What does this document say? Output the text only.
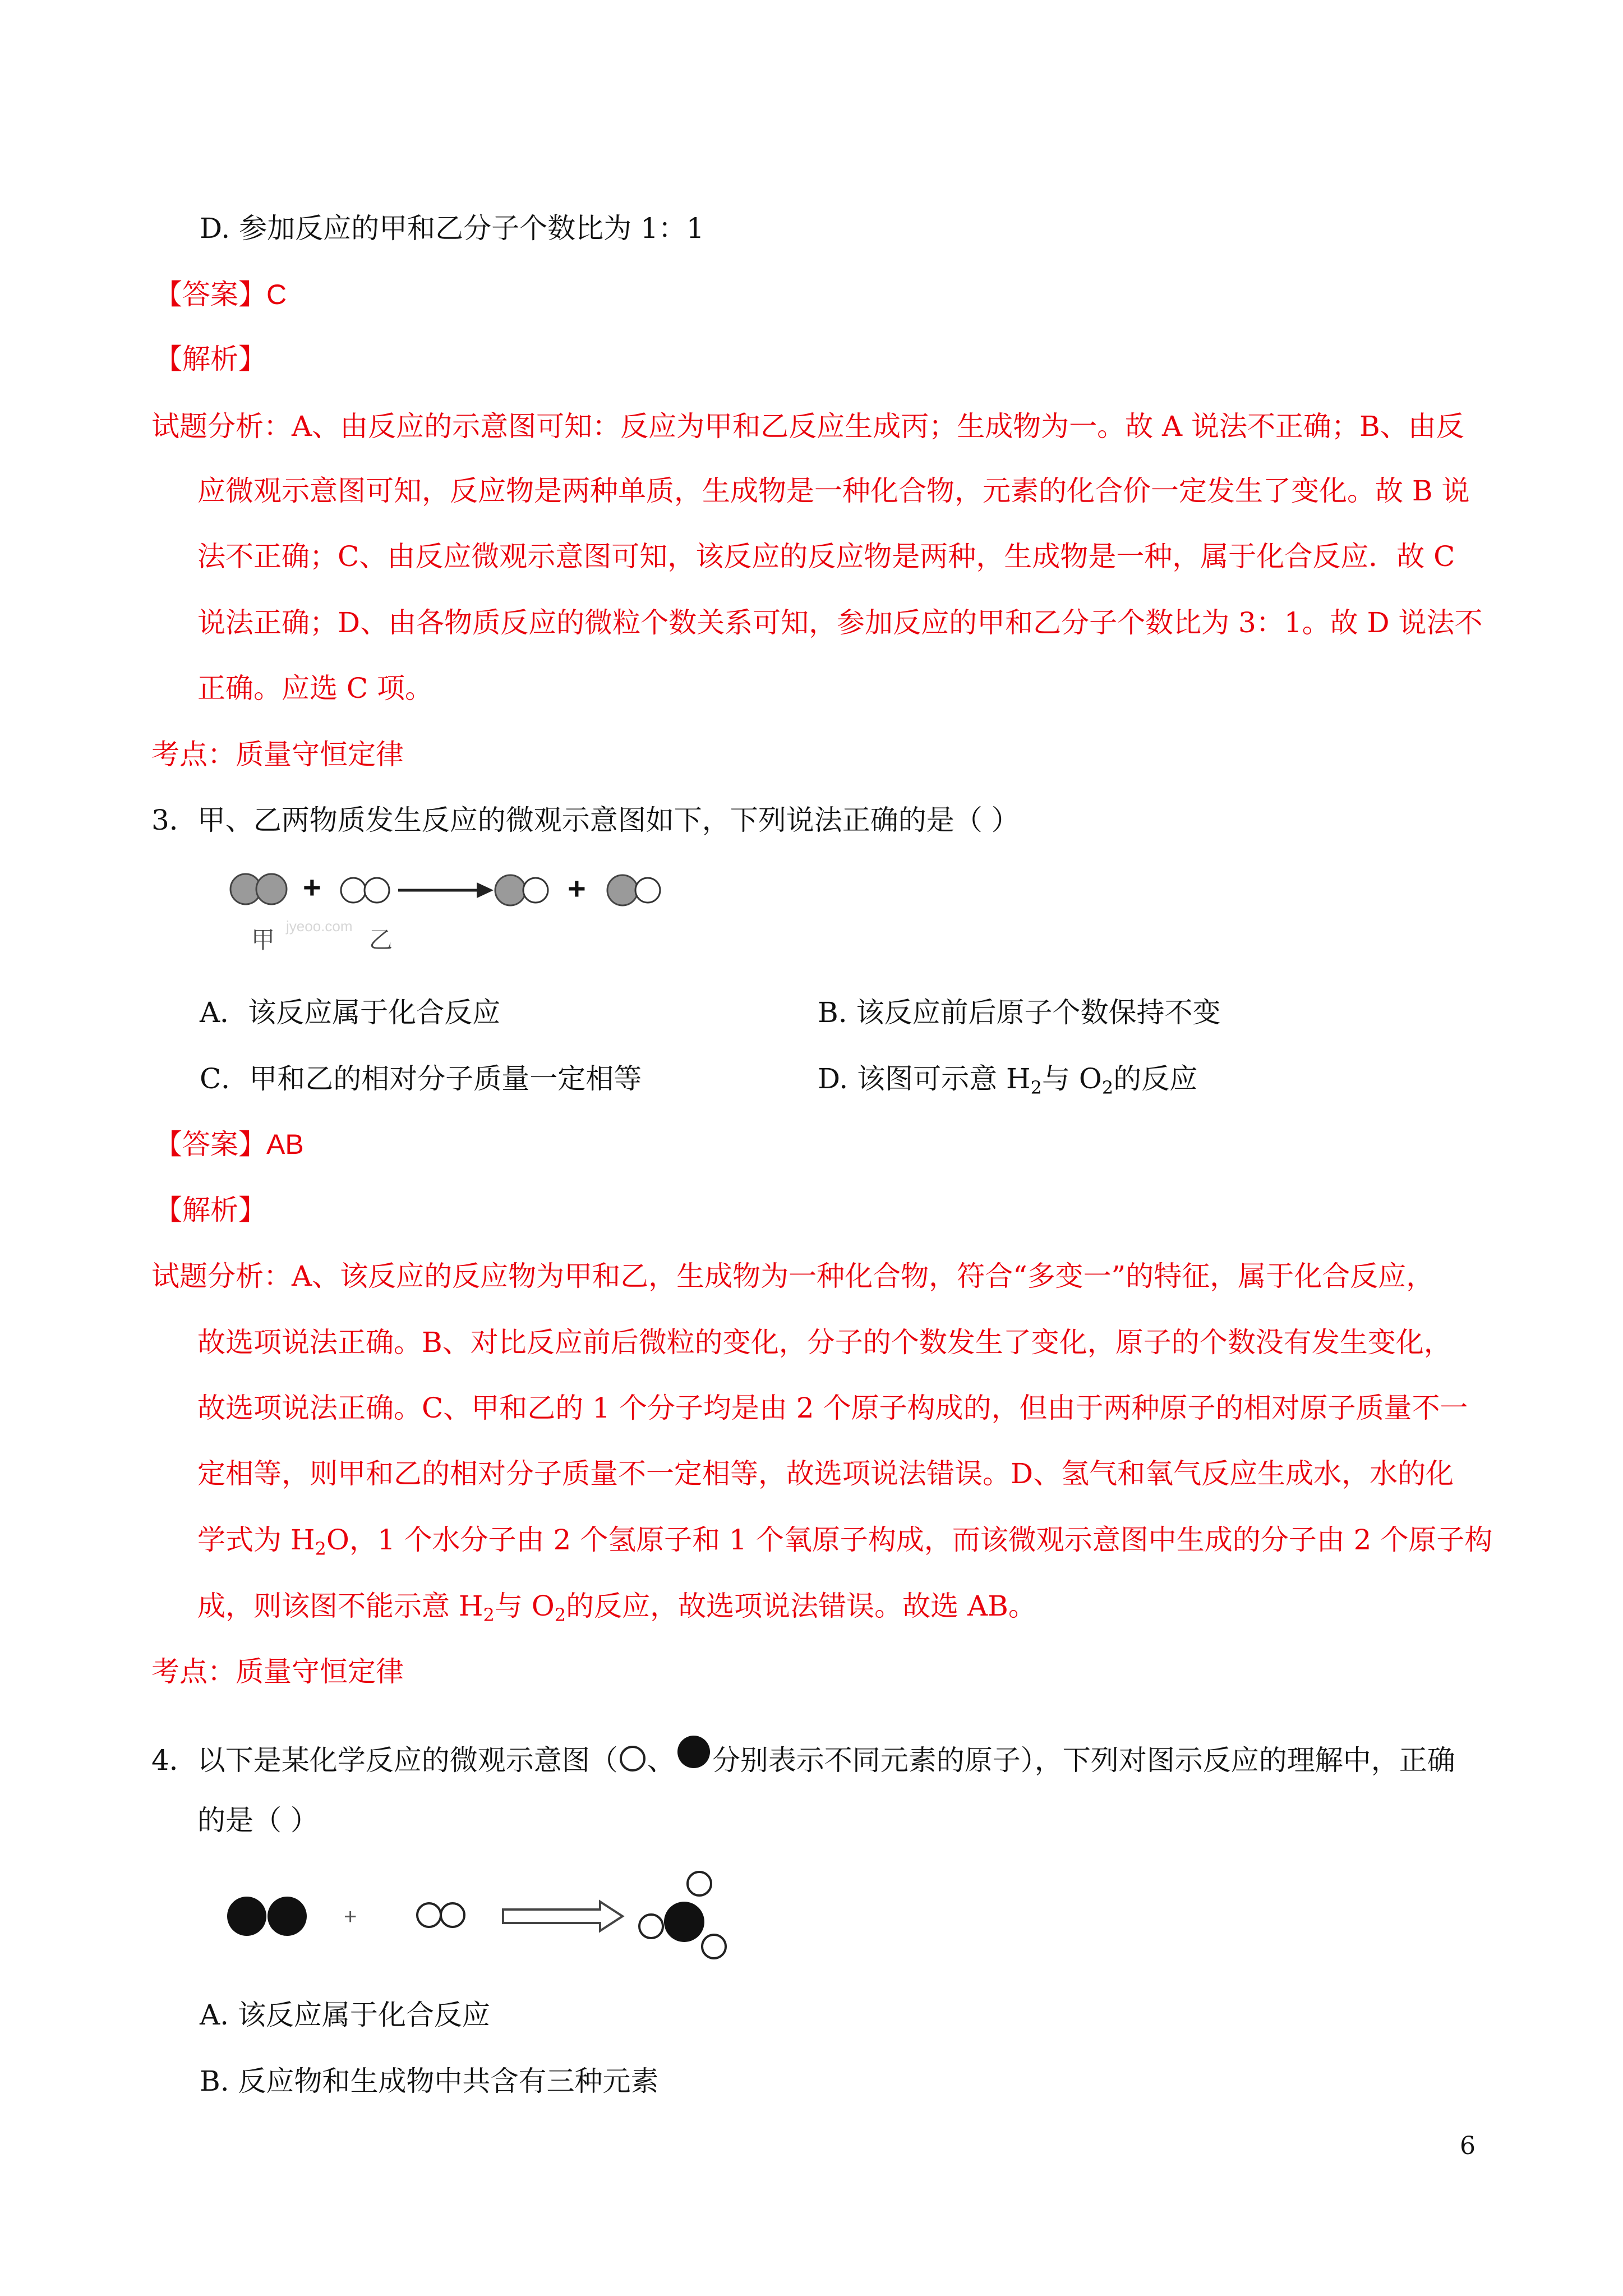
D. 参加反应的甲和乙分子个数比为 1：1
【答案】C
【解析】
试题分析：A、由反应的示意图可知：反应为甲和乙反应生成丙；生成物为一。故 A 说法不正确；B、由反
应微观示意图可知，反应物是两种单质，生成物是一种化合物，元素的化合价一定发生了变化。故 B 说
法不正确；C、由反应微观示意图可知，该反应的反应物是两种，生成物是一种，属于化合反应．故 C
说法正确；D、由各物质反应的微粒个数关系可知，参加反应的甲和乙分子个数比为 3：1。故 D 说法不
正确。应选 C 项。
考点：质量守恒定律
3．甲、乙两物质发生反应的微观示意图如下，下列说法正确的是（ ）
+	+
甲 jyeoo.com 乙
A．该反应属于化合反应	B. 该反应前后原子个数保持不变
C．甲和乙的相对分子质量一定相等	D. 该图可示意 $H_2$与 $O_2$的反应
【答案】AB
【解析】
试题分析：A、该反应的反应物为甲和乙，生成物为一种化合物，符合“多变一”的特征，属于化合反应，
故选项说法正确。B、对比反应前后微粒的变化，分子的个数发生了变化，原子的个数没有发生变化，
故选项说法正确。C、甲和乙的 1 个分子均是由 2 个原子构成的，但由于两种原子的相对原子质量不一
定相等，则甲和乙的相对分子质量不一定相等，故选项说法错误。D、氢气和氧气反应生成水，水的化
学式为 $H_2O$，1 个水分子由 2 个氢原子和 1 个氧原子构成，而该微观示意图中生成的分子由 2 个原子构
成，则该图不能示意 $H_2$与 $O_2$的反应，故选项说法错误。故选 AB。
考点：质量守恒定律
4．以下是某化学反应的微观示意图（ 、 分别表示不同元素的原子），下列对图示反应的理解中，正确
的是（ ）
+
A. 该反应属于化合反应
B. 反应物和生成物中共含有三种元素
6
